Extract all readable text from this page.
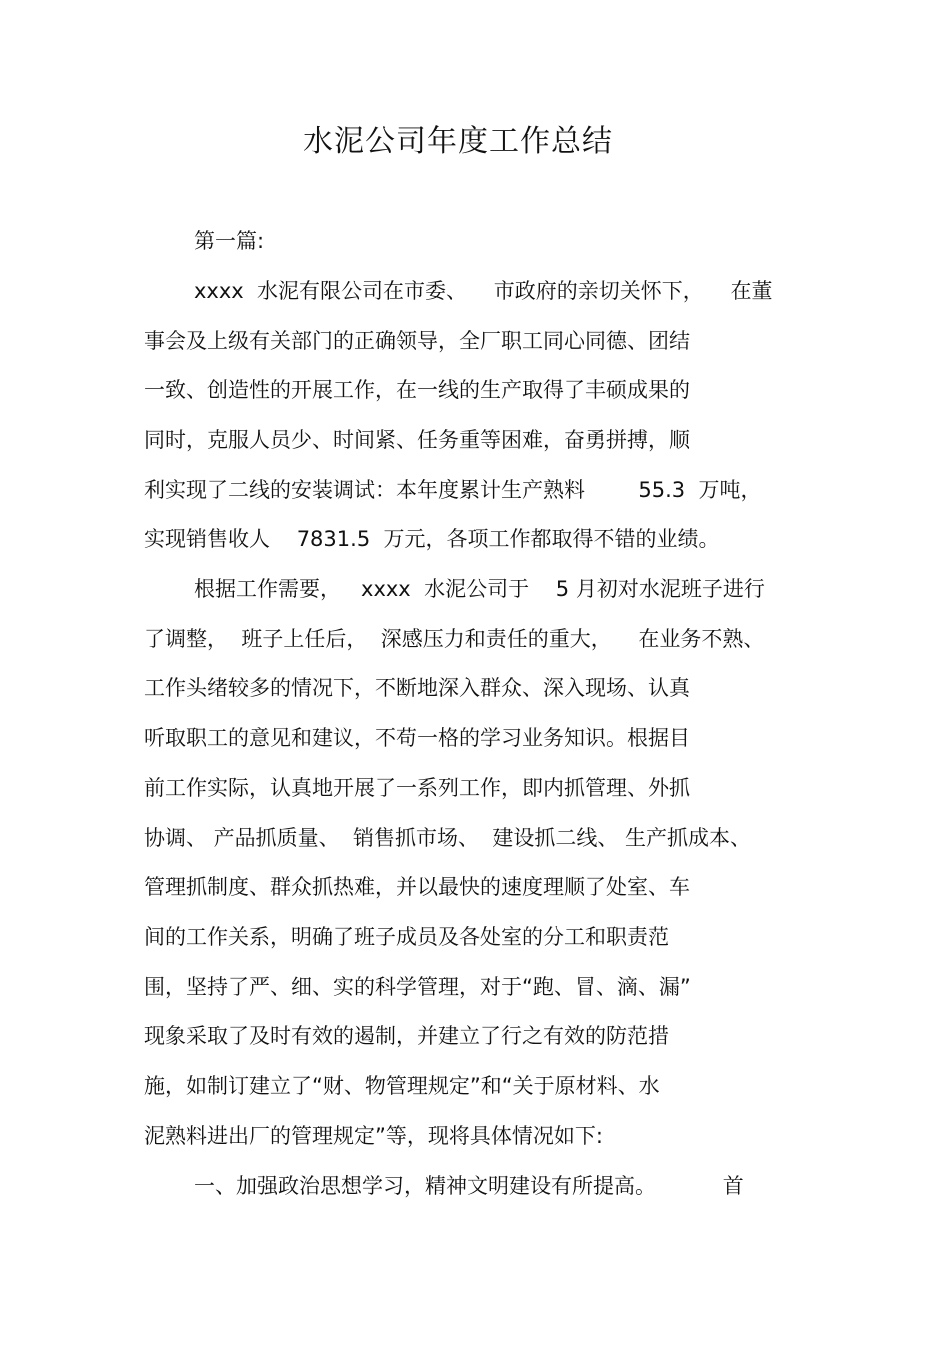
水泥公司年度工作总结
第一篇:
xxxx  水泥有限公司在市委、    市政府的亲切关怀下，    在董
事会及上级有关部门的正确领导，全厂职工同心同德、团结
一致、创造性的开展工作，在一线的生产取得了丰硕成果的
同时，克服人员少、时间紧、任务重等困难，奋勇拼搏，顺
利实现了二线的安装调试：本年度累计生产熟料        55.3  万吨，
实现销售收人    7831.5  万元，各项工作都取得不错的业绩。
根据工作需要，   xxxx  水泥公司于    5 月初对水泥班子进行
了调整，  班子上任后，  深感压力和责任的重大，    在业务不熟、
工作头绪较多的情况下，不断地深入群众、深入现场、认真
听取职工的意见和建议，不苟一格的学习业务知识。根据目
前工作实际，认真地开展了一系列工作，即内抓管理、外抓
协调、 产品抓质量、  销售抓市场、  建设抓二线、 生产抓成本、
管理抓制度、群众抓热难，并以最快的速度理顺了处室、车
间的工作关系，明确了班子成员及各处室的分工和职责范
围，坚持了严、细、实的科学管理，对于“跑、冒、滴、漏”
现象采取了及时有效的遏制，并建立了行之有效的防范措
施，如制订建立了“财、物管理规定”和“关于原材料、水
泥熟料进出厂的管理规定”等，现将具体情况如下:
一、加强政治思想学习，精神文明建设有所提高。          首
